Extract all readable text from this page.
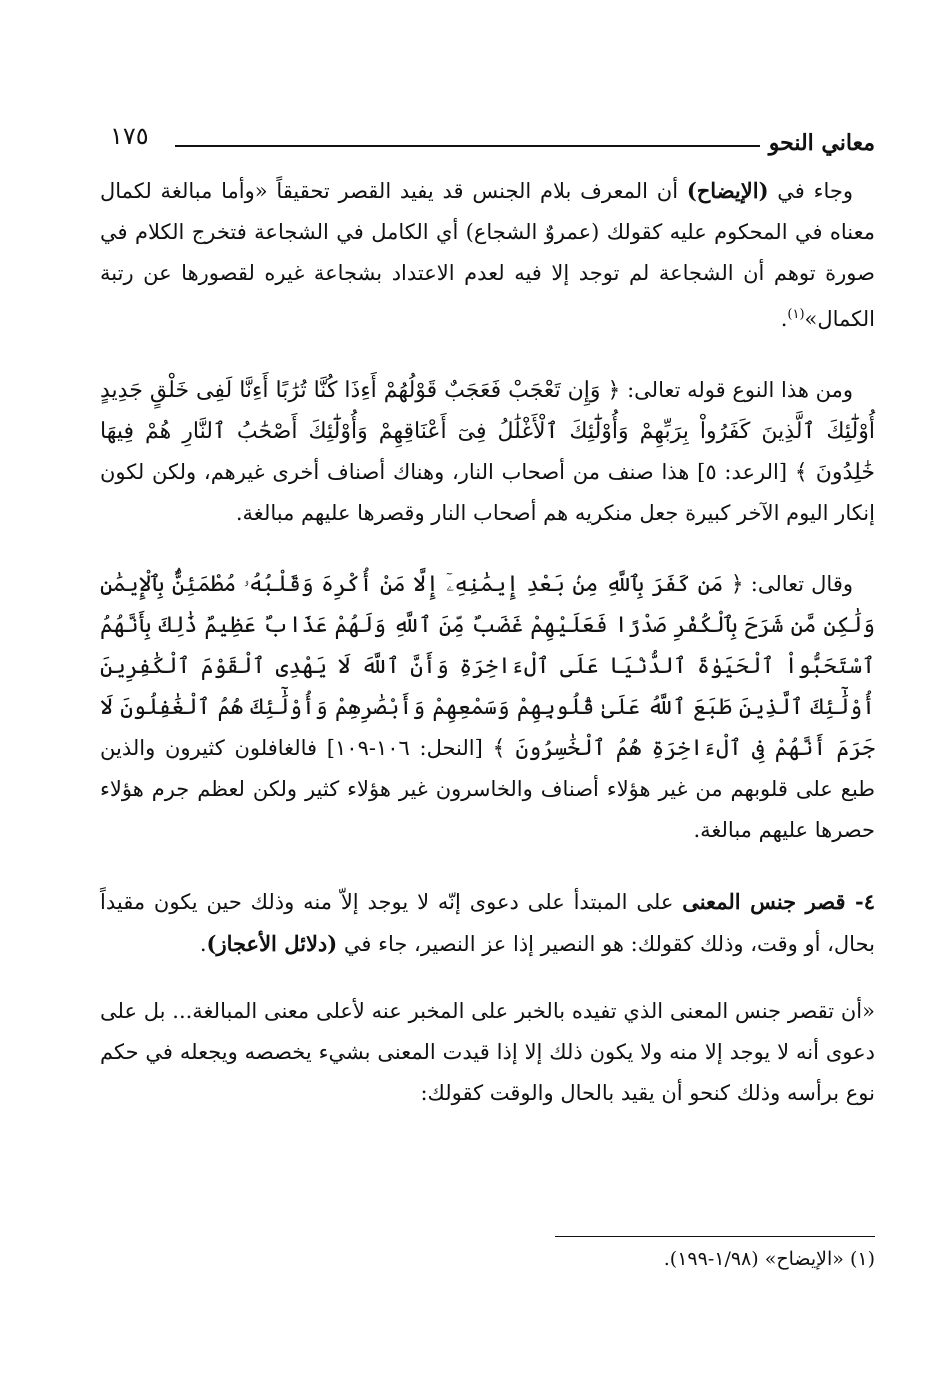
معاني النحو
١٧٥

وجاء في (الإيضاح) أن المعرف بلام الجنس قد يفيد القصر تحقيقاً «وأما مبالغة لكمال معناه في المحكوم عليه كقولك (عمروٌ الشجاع) أي الكامل في الشجاعة فتخرج الكلام في صورة توهم أن الشجاعة لم توجد إلا فيه لعدم الاعتداد بشجاعة غيره لقصورها عن رتبة الكمال»$^{(١)}$.

ومن هذا النوع قوله تعالى: ﴿ وَإِن تَعْجَبْ فَعَجَبٌ قَوْلُهُمْ أَءِذَا كُنَّا تُرَٰبًا أَءِنَّا لَفِى خَلْقٍ جَدِيدٍ أُوْلَٰٓئِكَ ٱلَّذِينَ كَفَرُواْ بِرَبِّهِمْ وَأُوْلَٰٓئِكَ ٱلْأَغْلَٰلُ فِىٓ أَعْنَاقِهِمْ وَأُوْلَٰٓئِكَ أَصْحَٰبُ ٱلنَّارِ هُمْ فِيهَا خَٰلِدُونَ ﴾ [الرعد: ٥] هذا صنف من أصحاب النار، وهناك أصناف أخرى غيرهم، ولكن لكون إنكار اليوم الآخر كبيرة جعل منكريه هم أصحاب النار وقصرها عليهم مبالغة.

وقال تعالى: ﴿ مَن كَفَرَ بِٱللَّهِ مِنۢ بَعْدِ إِيمَٰنِهِۦٓ إِلَّا مَنْ أُكْرِهَ وَقَلْبُهُۥ مُطْمَئِنٌّۢ بِٱلْإِيمَٰنِ وَلَٰكِن مَّن شَرَحَ بِٱلْكُفْرِ صَدْرًا فَعَلَيْهِمْ غَضَبٌ مِّنَ ٱللَّهِ وَلَهُمْ عَذَابٌ عَظِيمٌ ذَٰلِكَ بِأَنَّهُمُ ٱسْتَحَبُّواْ ٱلْحَيَوٰةَ ٱلدُّنْيَا عَلَى ٱلْءَاخِرَةِ وَأَنَّ ٱللَّهَ لَا يَهْدِى ٱلْقَوْمَ ٱلْكَٰفِرِينَ أُوْلَٰٓئِكَ ٱلَّذِينَ طَبَعَ ٱللَّهُ عَلَىٰ قُلُوبِهِمْ وَسَمْعِهِمْ وَأَبْصَٰرِهِمْ وَأُوْلَٰٓئِكَ هُمُ ٱلْغَٰفِلُونَ لَا جَرَمَ أَنَّهُمْ فِى ٱلْءَاخِرَةِ هُمُ ٱلْخَٰسِرُونَ ﴾ [النحل: ١٠٦-١٠٩] فالغافلون كثيرون والذين طبع على قلوبهم من غير هؤلاء أصناف والخاسرون غير هؤلاء كثير ولكن لعظم جرم هؤلاء حصرها عليهم مبالغة.

٤- قصر جنس المعنى على المبتدأ على دعوى إنّه لا يوجد إلاّ منه وذلك حين يكون مقيداً بحال، أو وقت، وذلك كقولك: هو النصير إذا عز النصير، جاء في (دلائل الأعجاز).

«أن تقصر جنس المعنى الذي تفيده بالخبر على المخبر عنه لأعلى معنى المبالغة... بل على دعوى أنه لا يوجد إلا منه ولا يكون ذلك إلا إذا قيدت المعنى بشيء يخصصه ويجعله في حكم نوع برأسه وذلك كنحو أن يقيد بالحال والوقت كقولك:

(١) «الإيضاح» (١/٩٨-١٩٩).
